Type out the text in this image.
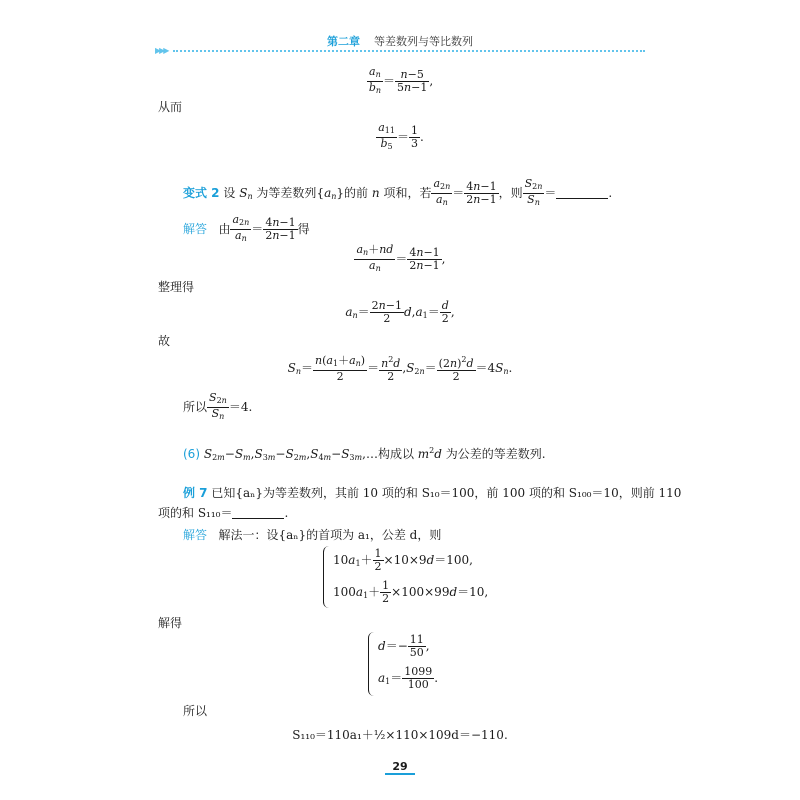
第二章 等差数列与等比数列
▶▶▶
$\frac{a_n}{b_n} = \frac{n-5}{5n-1}$ ,
从而
$\frac{a_{11}}{b_5} = \frac{1}{3}$ .
变式 2 设 $S_n$ 为等差数列$\{a_n\}$的前 n 项和，若 $\frac{a_{2n}}{a_n} = \frac{4n-1}{2n-1}$ ，则 $\frac{S_{2n}}{S_n}$ ＝	.
解答 由 $\frac{a_{2n}}{a_n} = \frac{4n-1}{2n-1}$ 得
$\frac{a_n+nd}{a_n} = \frac{4n-1}{2n-1}$ ,
整理得
$a_n= \frac{2n-1}{2} d,a_1= \frac{d}{2}$ ,
故
$S_n= \frac{n(a_1+a_n)}{2} = \frac{n^2d}{2} ,S_{2n}= \frac{(2n)^2d}{2} =4S_n$.
所以 $\frac{S_{2n}}{S_n} =4$.
(6) $S_{2m}-S_m,S_{3m}-S_{2m},S_{4m}-S_{3m},\dots$构成以 $m^2d$ 为公差的等差数列.
例 7 已知{aₙ}为等差数列，其前 10 项的和 S₁₀＝100，前 100 项的和 S₁₀₀＝10，则前 110
项的和 S₁₁₀＝	.
解答 解法一：设{aₙ}的首项为 a₁，公差 d，则
$10a_1+ \frac{1}{2} \times 10\times 9d=100$,
$100a_1+ \frac{1}{2} \times 100\times 99d=10$,
解得
$d=- \frac{11}{50}$ ,
$a_1= \frac{1099}{100}$ .
所以
S₁₁₀＝110a₁＋½×110×109d＝−110.
29
